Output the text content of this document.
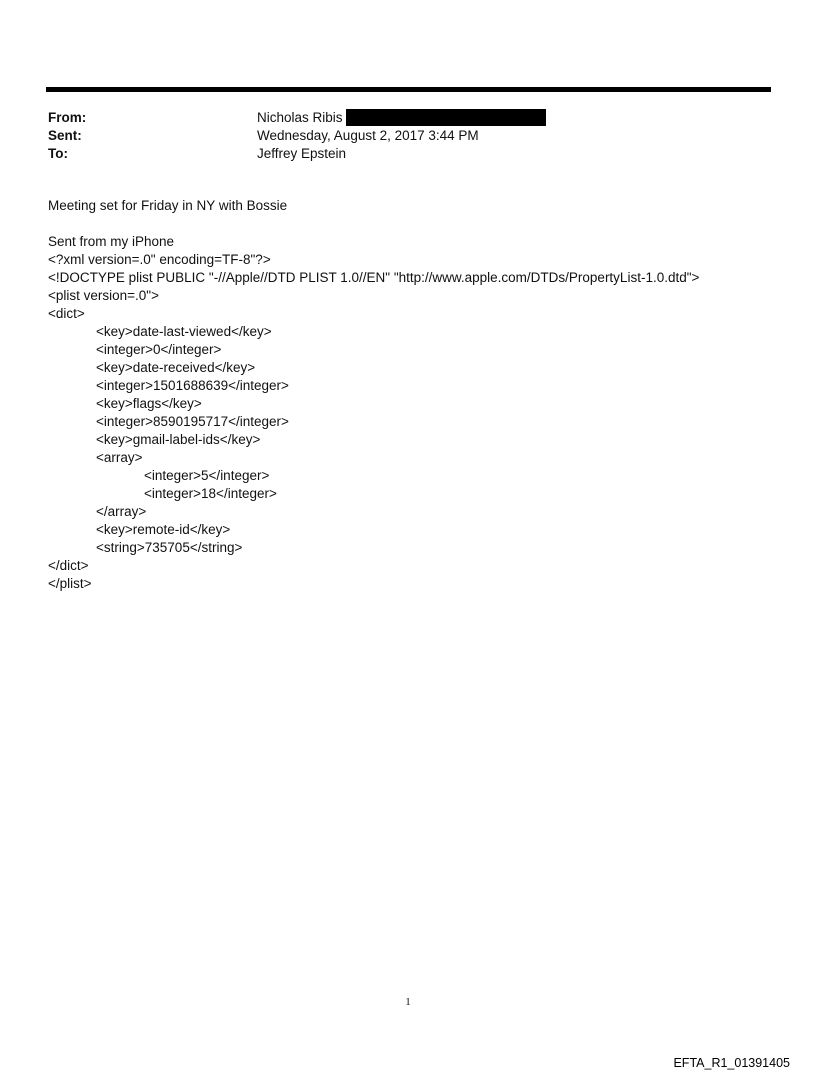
From:	Nicholas Ribis
Sent:	Wednesday, August 2, 2017 3:44 PM
To:	Jeffrey Epstein
Meeting set for Friday in NY with Bossie
Sent from my iPhone
<?xml version=.0" encoding=TF-8"?>
<!DOCTYPE plist PUBLIC "-//Apple//DTD PLIST 1.0//EN" "http://www.apple.com/DTDs/PropertyList-1.0.dtd">
<plist version=.0">
<dict>
<key>date-last-viewed</key>
<integer>0</integer>
<key>date-received</key>
<integer>1501688639</integer>
<key>flags</key>
<integer>8590195717</integer>
<key>gmail-label-ids</key>
<array>
<integer>5</integer>
<integer>18</integer>
</array>
<key>remote-id</key>
<string>735705</string>
</dict>
</plist>
1
EFTA_R1_01391405
